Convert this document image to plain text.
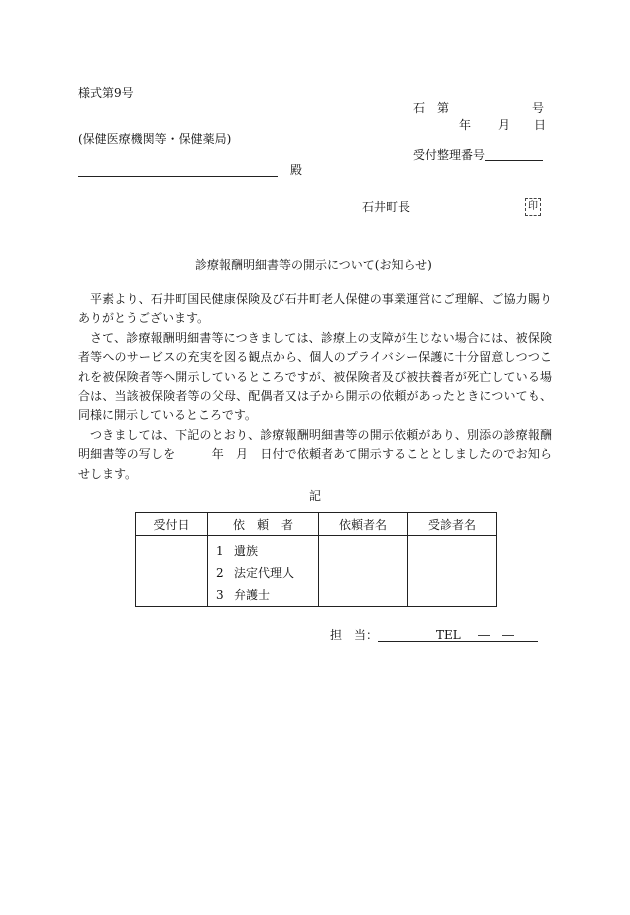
様式第9号
石　第	号
年 月 日
(保健医療機関等・保健薬局)
受付整理番号
殿
石井町長	印
診療報酬明細書等の開示について(お知らせ)

平素より、石井町国民健康保険及び石井町老人保健の事業運営にご理解、ご協力賜りありがとうございます。

さて、診療報酬明細書等につきましては、診療上の支障が生じない場合には、被保険者等へのサービスの充実を図る観点から、個人のプライバシー保護に十分留意しつつこれを被保険者等へ開示しているところですが、被保険者及び被扶養者が死亡している場合は、当該被保険者等の父母、配偶者又は子から開示の依頼があったときについても、同様に開示しているところです。

つきましては、下記のとおり、診療報酬明細書等の開示依頼があり、別添の診療報酬明細書等の写しを　　　年　月　日付で依頼者あて開示することとしましたのでお知らせします。

記
受付日	依　頼　者	依頼者名	受診者名

	1 遺族
2 法定代理人
3 弁護士		

担　当：	TEL ― ―
